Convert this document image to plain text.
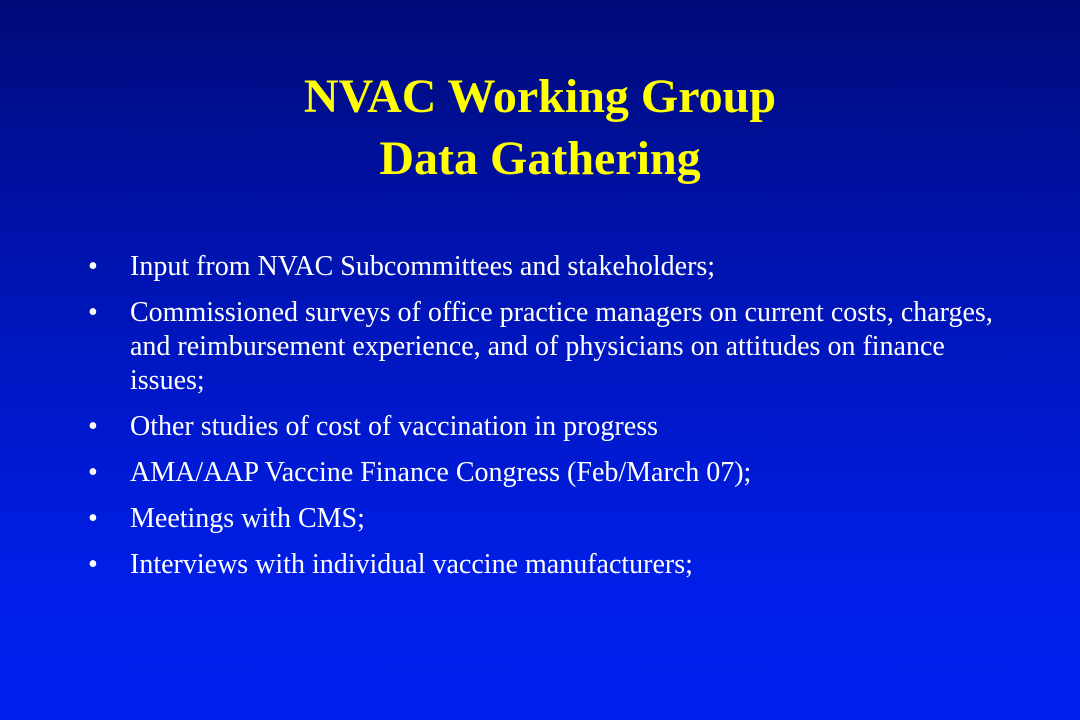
NVAC Working Group
Data Gathering
•	Input from NVAC Subcommittees and stakeholders;
•	Commissioned surveys of office practice managers on current costs, charges, and reimbursement experience, and of physicians on attitudes on finance issues;
•	Other studies of cost of vaccination in progress
•	AMA/AAP Vaccine Finance Congress (Feb/March 07);
•	Meetings with CMS;
•	Interviews with individual vaccine manufacturers;
